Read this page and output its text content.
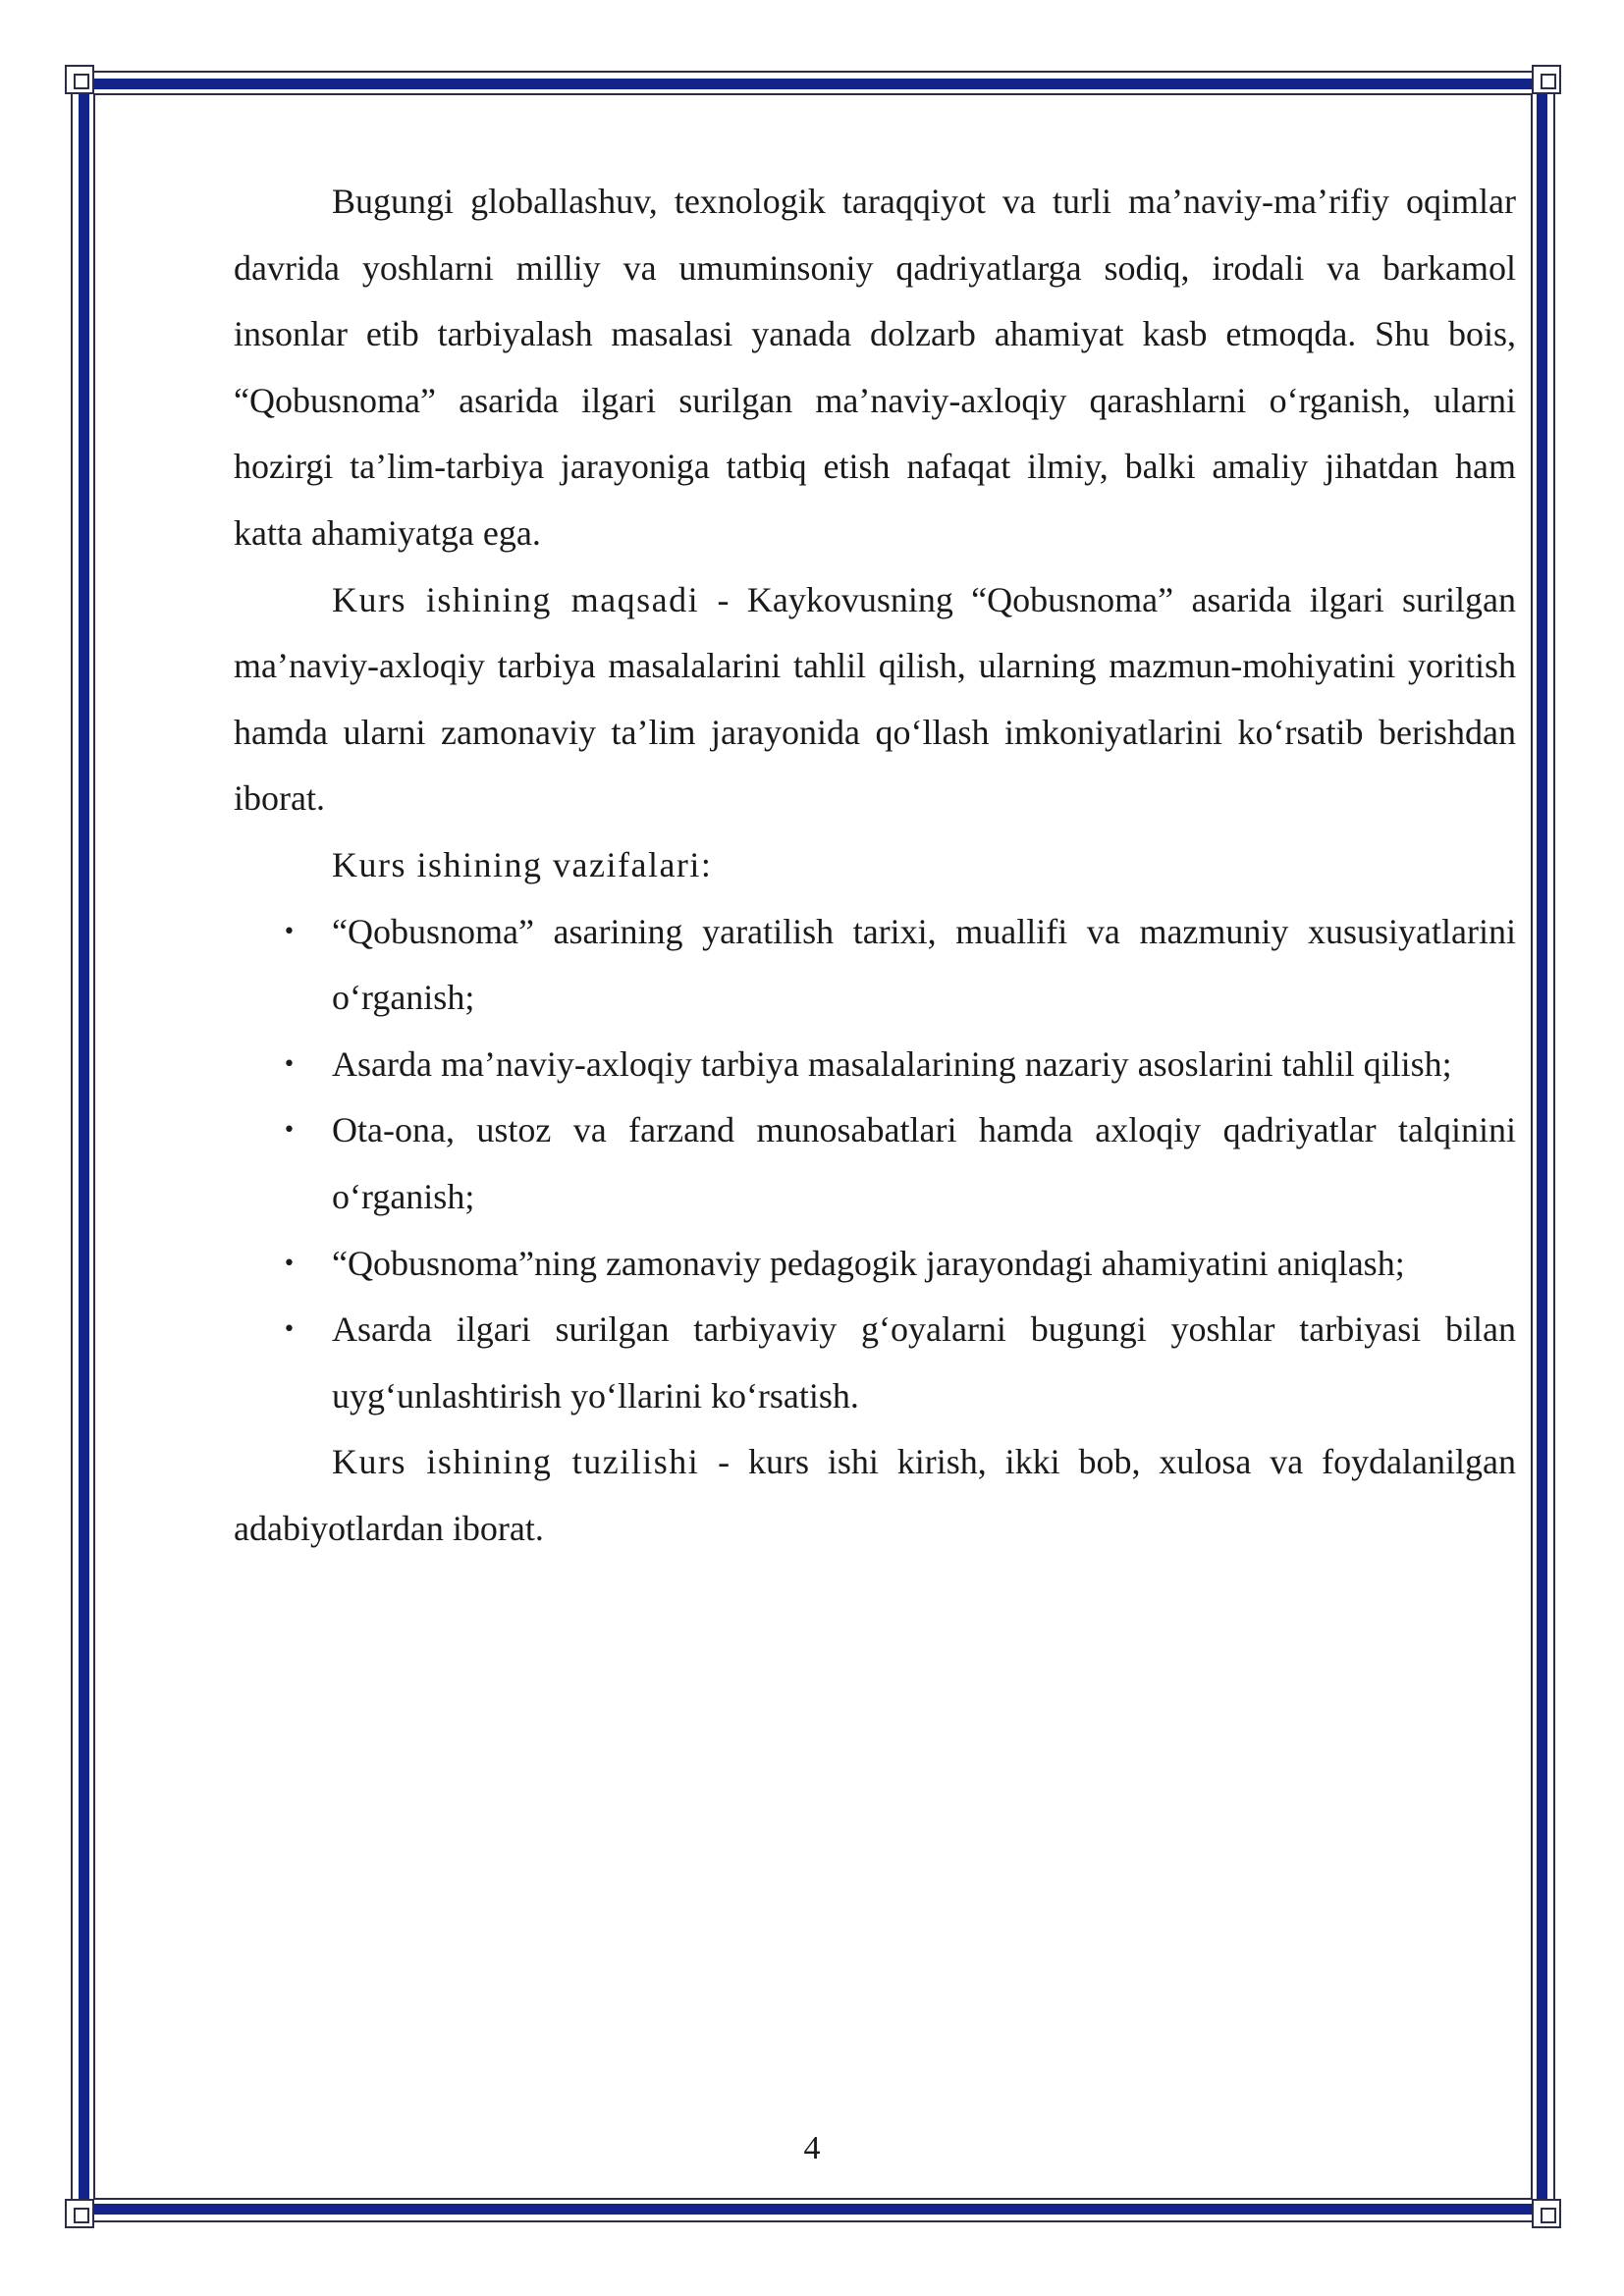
Bugungi globallashuv, texnologik taraqqiyot va turli ma’naviy-ma’rifiy oqimlar davrida yoshlarni milliy va umuminsoniy qadriyatlarga sodiq, irodali va barkamol insonlar etib tarbiyalash masalasi yanada dolzarb ahamiyat kasb etmoqda. Shu bois, “Qobusnoma” asarida ilgari surilgan ma’naviy-axloqiy qarashlarni o‘rganish, ularni hozirgi ta’lim-tarbiya jarayoniga tatbiq etish nafaqat ilmiy, balki amaliy jihatdan ham katta ahamiyatga ega.

Kurs ishining maqsadi - Kaykovusning “Qobusnoma” asarida ilgari surilgan ma’naviy-axloqiy tarbiya masalalarini tahlil qilish, ularning mazmun-mohiyatini yoritish hamda ularni zamonaviy ta’lim jarayonida qo‘llash imkoniyatlarini ko‘rsatib berishdan iborat.

Kurs ishining vazifalari:

• “Qobusnoma” asarining yaratilish tarixi, muallifi va mazmuniy xususiyatlarini o‘rganish;
• Asarda ma’naviy-axloqiy tarbiya masalalarining nazariy asoslarini tahlil qilish;
• Ota-ona, ustoz va farzand munosabatlari hamda axloqiy qadriyatlar talqinini o‘rganish;
• “Qobusnoma”ning zamonaviy pedagogik jarayondagi ahamiyatini aniqlash;
• Asarda ilgari surilgan tarbiyaviy g‘oyalarni bugungi yoshlar tarbiyasi bilan uyg‘unlashtirish yo‘llarini ko‘rsatish.

Kurs ishining tuzilishi - kurs ishi kirish, ikki bob, xulosa va foydalanilgan adabiyotlardan iborat.

4
